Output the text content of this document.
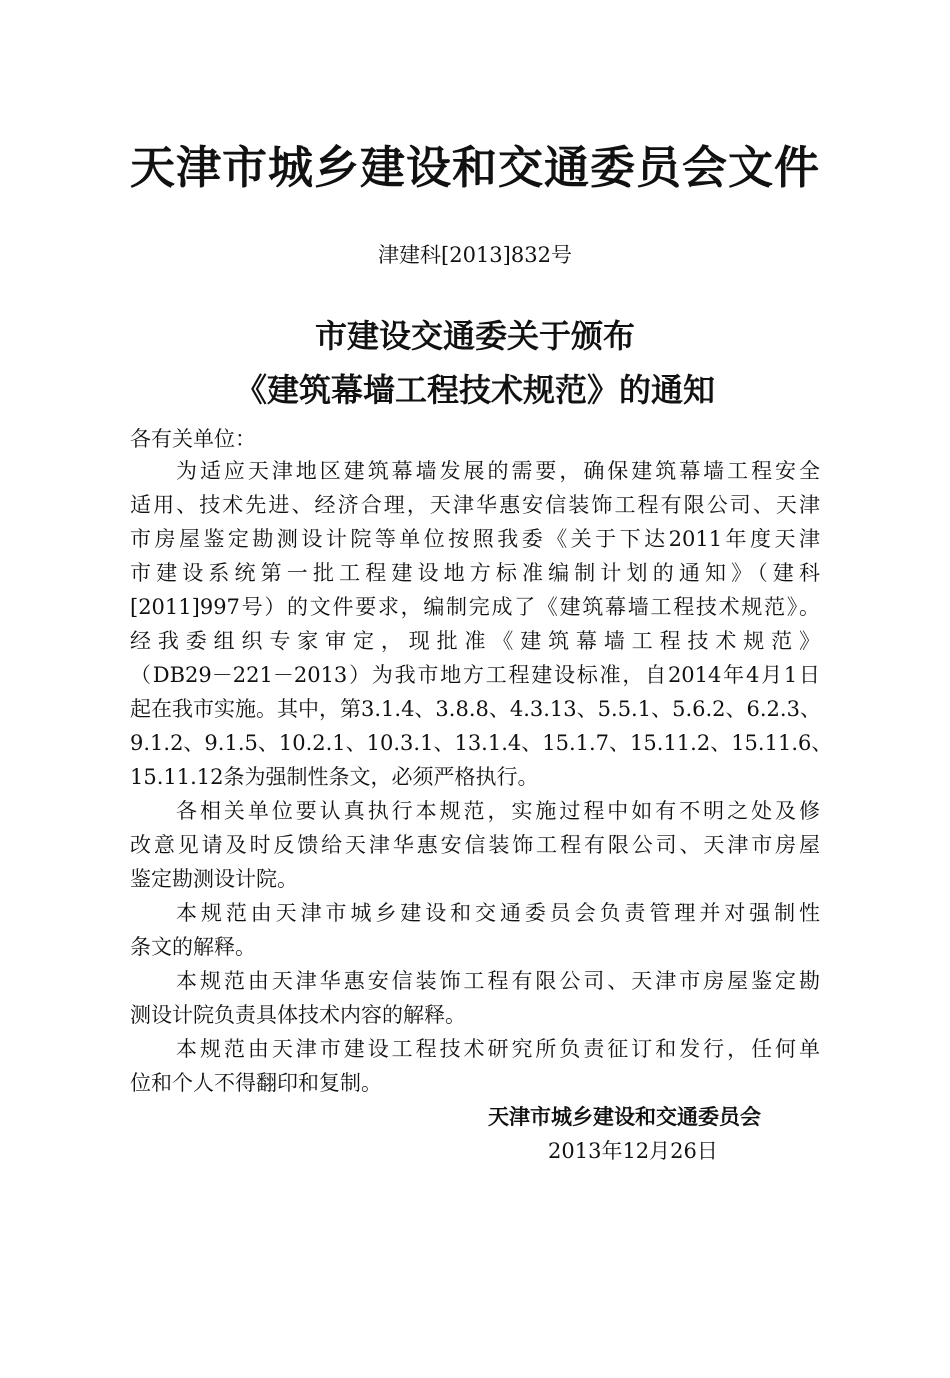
天津市城乡建设和交通委员会文件
津建科[2013]832号
市建设交通委关于颁布
《建筑幕墙工程技术规范》的通知
各有关单位：
为适应天津地区建筑幕墙发展的需要，确保建筑幕墙工程安全
适用、技术先进、经济合理，天津华惠安信装饰工程有限公司、天津
市房屋鉴定勘测设计院等单位按照我委《关于下达2011年度天津
市建设系统第一批工程建设地方标准编制计划的通知》（建科
[2011]997号）的文件要求，编制完成了《建筑幕墙工程技术规范》。
经我委组织专家审定，现批准《建筑幕墙工程技术规范》
（DB29－221－2013）为我市地方工程建设标准，自2014年4月1日
起在我市实施。其中，第3.1.4、3.8.8、4.3.13、5.5.1、5.6.2、6.2.3、
9.1.2、9.1.5、10.2.1、10.3.1、13.1.4、15.1.7、15.11.2、15.11.6、
15.11.12条为强制性条文，必须严格执行。
各相关单位要认真执行本规范，实施过程中如有不明之处及修
改意见请及时反馈给天津华惠安信装饰工程有限公司、天津市房屋
鉴定勘测设计院。
本规范由天津市城乡建设和交通委员会负责管理并对强制性
条文的解释。
本规范由天津华惠安信装饰工程有限公司、天津市房屋鉴定勘
测设计院负责具体技术内容的解释。
本规范由天津市建设工程技术研究所负责征订和发行，任何单
位和个人不得翻印和复制。
天津市城乡建设和交通委员会
2013年12月26日
